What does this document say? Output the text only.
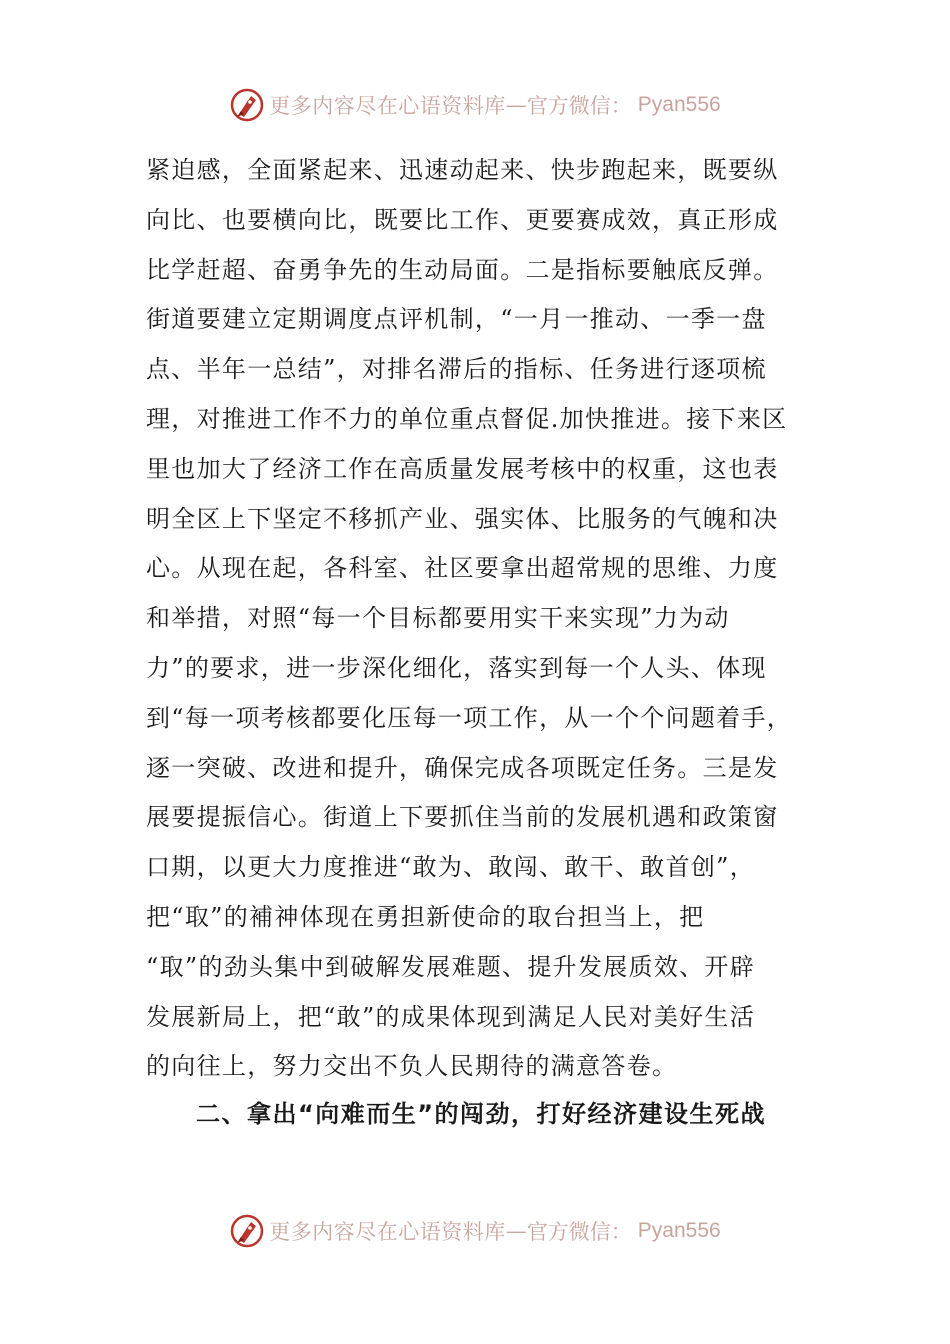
更多内容尽在心语资料库 — 官方微信： Pyan556
紧迫感，全面紧起来、迅速动起来、快步跑起来，既要纵
向比、也要横向比，既要比工作、更要赛成效，真正形成
比学赶超、奋勇争先的生动局面。二是指标要触底反弹。
街道要建立定期调度点评机制，“一月一推动、一季一盘
点、半年一总结”，对排名滞后的指标、任务进行逐项梳
理，对推进工作不力的单位重点督促.加快推进。接下来区
里也加大了经济工作在高质量发展考核中的权重，这也表
明全区上下坚定不移抓产业、强实体、比服务的气魄和决
心。从现在起，各科室、社区要拿出超常规的思维、力度
和举措，对照“每一个目标都要用实干来实现”力为动
力”的要求，进一步深化细化，落实到每一个人头、体现
到“每一项考核都要化压每一项工作，从一个个问题着手，
逐一突破、改进和提升，确保完成各项既定任务。三是发
展要提振信心。街道上下要抓住当前的发展机遇和政策窗
口期，以更大力度推进“敢为、敢闯、敢干、敢首创”，
把“取”的補神体现在勇担新使命的取台担当上，把
“取”的劲头集中到破解发展难题、提升发展质效、开辟
发展新局上，把“敢”的成果体现到满足人民对美好生活
的向往上，努力交出不负人民期待的满意答卷。
二、拿出“向难而生”的闯劲，打好经济建设生死战
更多内容尽在心语资料库 — 官方微信： Pyan556
